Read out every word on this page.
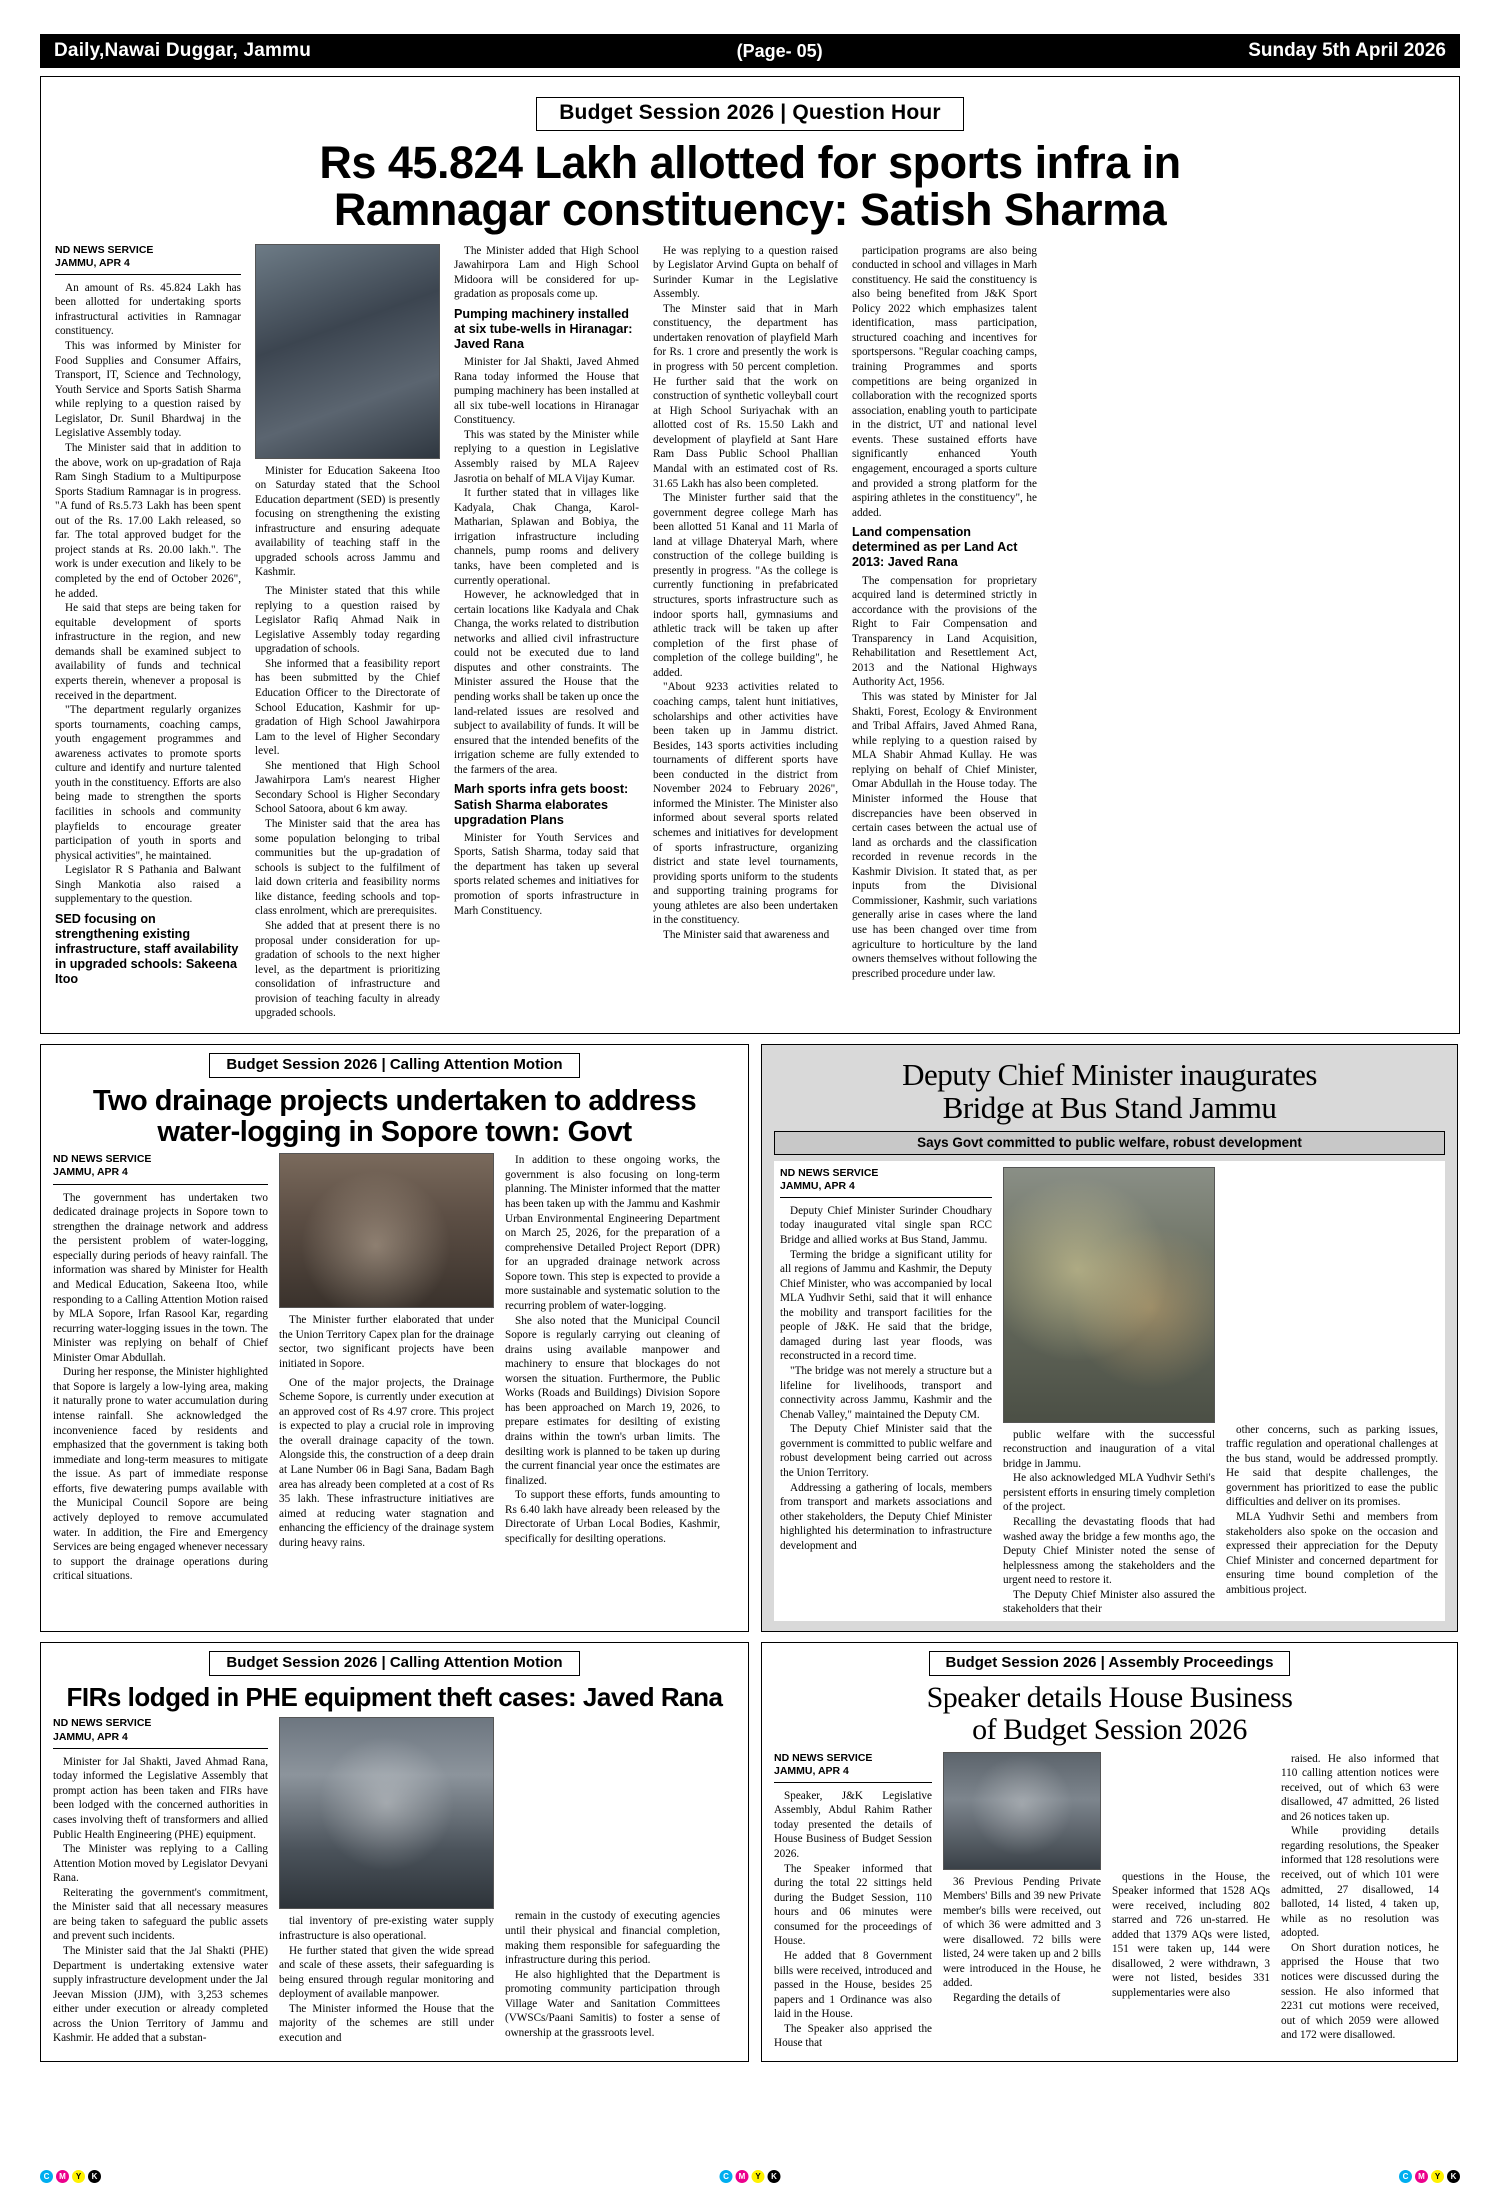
Daily,Nawai Duggar, Jammu	(Page- 05)	Sunday 5th April 2026
Budget Session 2026 | Question Hour
Rs 45.824 Lakh allotted for sports infra in
Ramnagar constituency: Satish Sharma
ND NEWS SERVICE
JAMMU, APR 4

An amount of Rs. 45.824 Lakh has been allotted for undertaking sports infrastructural activities in Ramnagar constituency.

This was informed by Minister for Food Supplies and Consumer Affairs, Transport, IT, Science and Technology, Youth Service and Sports Satish Sharma while replying to a question raised by Legislator, Dr. Sunil Bhardwaj in the Legislative Assembly today.

The Minister said that in addition to the above, work on up-gradation of Raja Ram Singh Stadium to a Multipurpose Sports Stadium Ramnagar is in progress. "A fund of Rs.5.73 Lakh has been spent out of the Rs. 17.00 Lakh released, so far. The total approved budget for the project stands at Rs. 20.00 lakh.". The work is under execution and likely to be completed by the end of October 2026", he added.

He said that steps are being taken for equitable development of sports infrastructure in the region, and new demands shall be examined subject to availability of funds and technical experts therein, whenever a proposal is received in the department.

"The department regularly organizes sports tournaments, coaching camps, youth engagement programmes and awareness activates to promote sports culture and identify and nurture talented youth in the constituency. Efforts are also being made to strengthen the sports facilities in schools and community playfields to encourage greater participation of youth in sports and physical activities", he maintained.

Legislator R S Pathania and Balwant Singh Mankotia also raised a supplementary to the question.

SED focusing on strengthening existing infrastructure, staff availability in upgraded schools: Sakeena Itoo

Minister for Education Sakeena Itoo on Saturday stated that the School Education department (SED) is presently focusing on strengthening the existing infrastructure and ensuring adequate availability of teaching staff in the upgraded schools across Jammu and Kashmir.

The Minister stated that this while replying to a question raised by Legislator Rafiq Ahmad Naik in Legislative Assembly today regarding upgradation of schools.

She informed that a feasibility report has been submitted by the Chief Education Officer to the Directorate of School Education, Kashmir for up-gradation of High School Jawahirpora Lam to the level of Higher Secondary level.

She mentioned that High School Jawahirpora Lam's nearest Higher Secondary School is Higher Secondary School Satoora, about 6 km away.

The Minister said that the area has some population belonging to tribal communities but the up-gradation of schools is subject to the fulfilment of laid down criteria and feasibility norms like distance, feeding schools and top-class enrolment, which are prerequisites.

She added that at present there is no proposal under consideration for up-gradation of schools to the next higher level, as the department is prioritizing consolidation of infrastructure and provision of teaching faculty in already upgraded schools.

The Minister added that High School Jawahirpora Lam and High School Midoora will be considered for up-gradation as proposals come up.

Pumping machinery installed at six tube-wells in Hiranagar: Javed Rana

Minister for Jal Shakti, Javed Ahmed Rana today informed the House that pumping machinery has been installed at all six tube-well locations in Hiranagar Constituency.

This was stated by the Minister while replying to a question in Legislative Assembly raised by MLA Rajeev Jasrotia on behalf of MLA Vijay Kumar.

It further stated that in villages like Kadyala, Chak Changa, Karol- Matharian, Splawan and Bobiya, the irrigation infrastructure including channels, pump rooms and delivery tanks, have been completed and is currently operational.

However, he acknowledged that in certain locations like Kadyala and Chak Changa, the works related to distribution networks and allied civil infrastructure could not be executed due to land disputes and other constraints. The Minister assured the House that the pending works shall be taken up once the land-related issues are resolved and subject to availability of funds. It will be ensured that the intended benefits of the irrigation scheme are fully extended to the farmers of the area.

Marh sports infra gets boost: Satish Sharma elaborates upgradation Plans

Minister for Youth Services and Sports, Satish Sharma, today said that the department has taken up several sports related schemes and initiatives for promotion of sports infrastructure in Marh Constituency.

He was replying to a question raised by Legislator Arvind Gupta on behalf of Surinder Kumar in the Legislative Assembly.

The Minster said that in Marh constituency, the department has undertaken renovation of playfield Marh for Rs. 1 crore and presently the work is in progress with 50 percent completion. He further said that the work on construction of synthetic volleyball court at High School Suriyachak with an allotted cost of Rs. 15.50 Lakh and development of playfield at Sant Hare Ram Dass Public School Phallian Mandal with an estimated cost of Rs. 31.65 Lakh has also been completed.

The Minister further said that the government degree college Marh has been allotted 51 Kanal and 11 Marla of land at village Dhateryal Marh, where construction of the college building is presently in progress. "As the college is currently functioning in prefabricated structures, sports infrastructure such as indoor sports hall, gymnasiums and athletic track will be taken up after completion of the first phase of completion of the college building", he added.

"About 9233 activities related to coaching camps, talent hunt initiatives, scholarships and other activities have been taken up in Jammu district. Besides, 143 sports activities including tournaments of different sports have been conducted in the district from November 2024 to February 2026", informed the Minister. The Minister also informed about several sports related schemes and initiatives for development of sports infrastructure, organizing district and state level tournaments, providing sports uniform to the students and supporting training programs for young athletes are also been undertaken in the constituency.

The Minister said that awareness and

participation programs are also being conducted in school and villages in Marh constituency. He said the constituency is also being benefited from J&K Sport Policy 2022 which emphasizes talent identification, mass participation, structured coaching and incentives for sportspersons. "Regular coaching camps, training Programmes and sports competitions are being organized in collaboration with the recognized sports association, enabling youth to participate in the district, UT and national level events. These sustained efforts have significantly enhanced Youth engagement, encouraged a sports culture and provided a strong platform for the aspiring athletes in the constituency", he added.

Land compensation determined as per Land Act 2013: Javed Rana

The compensation for proprietary acquired land is determined strictly in accordance with the provisions of the Right to Fair Compensation and Transparency in Land Acquisition, Rehabilitation and Resettlement Act, 2013 and the National Highways Authority Act, 1956.

This was stated by Minister for Jal Shakti, Forest, Ecology & Environment and Tribal Affairs, Javed Ahmed Rana, while replying to a question raised by MLA Shabir Ahmad Kullay. He was replying on behalf of Chief Minister, Omar Abdullah in the House today. The Minister informed the House that discrepancies have been observed in certain cases between the actual use of land as orchards and the classification recorded in revenue records in the Kashmir Division. It stated that, as per inputs from the Divisional Commissioner, Kashmir, such variations generally arise in cases where the land use has been changed over time from agriculture to horticulture by the land owners themselves without following the prescribed procedure under law.

Budget Session 2026 | Calling Attention Motion
Two drainage projects undertaken to address
water-logging in Sopore town: Govt
ND NEWS SERVICE
JAMMU, APR 4

The government has undertaken two dedicated drainage projects in Sopore town to strengthen the drainage network and address the persistent problem of water-logging, especially during periods of heavy rainfall. The information was shared by Minister for Health and Medical Education, Sakeena Itoo, while responding to a Calling Attention Motion raised by MLA Sopore, Irfan Rasool Kar, regarding recurring water-logging issues in the town. The Minister was replying on behalf of Chief Minister Omar Abdullah.

During her response, the Minister highlighted that Sopore is largely a low-lying area, making it naturally prone to water accumulation during intense rainfall. She acknowledged the inconvenience faced by residents and emphasized that the government is taking both immediate and long-term measures to mitigate the issue. As part of immediate response efforts, five dewatering pumps available with the Municipal Council Sopore are being actively deployed to remove accumulated water. In addition, the Fire and Emergency Services are being engaged whenever necessary to support the drainage operations during critical situations.

The Minister further elaborated that under the Union Territory Capex plan for the drainage sector, two significant projects have been initiated in Sopore.

One of the major projects, the Drainage Scheme Sopore, is currently under execution at an approved cost of Rs 4.97 crore. This project is expected to play a crucial role in improving the overall drainage capacity of the town. Alongside this, the construction of a deep drain at Lane Number 06 in Bagi Sana, Badam Bagh area has already been completed at a cost of Rs 35 lakh. These infrastructure initiatives are aimed at reducing water stagnation and enhancing the efficiency of the drainage system during heavy rains.

In addition to these ongoing works, the government is also focusing on long-term planning. The Minister informed that the matter has been taken up with the Jammu and Kashmir Urban Environmental Engineering Department on March 25, 2026, for the preparation of a comprehensive Detailed Project Report (DPR) for an upgraded drainage network across Sopore town. This step is expected to provide a more sustainable and systematic solution to the recurring problem of water-logging.

She also noted that the Municipal Council Sopore is regularly carrying out cleaning of drains using available manpower and machinery to ensure that blockages do not worsen the situation. Furthermore, the Public Works (Roads and Buildings) Division Sopore has been approached on March 19, 2026, to prepare estimates for desilting of existing drains within the town's urban limits. The desilting work is planned to be taken up during the current financial year once the estimates are finalized.

To support these efforts, funds amounting to Rs 6.40 lakh have already been released by the Directorate of Urban Local Bodies, Kashmir, specifically for desilting operations.

Deputy Chief Minister inaugurates
Bridge at Bus Stand Jammu
Says Govt committed to public welfare, robust development
ND NEWS SERVICE
JAMMU, APR 4

Deputy Chief Minister Surinder Choudhary today inaugurated vital single span RCC Bridge and allied works at Bus Stand, Jammu.

Terming the bridge a significant utility for all regions of Jammu and Kashmir, the Deputy Chief Minister, who was accompanied by local MLA Yudhvir Sethi, said that it will enhance the mobility and transport facilities for the people of J&K. He said that the bridge, damaged during last year floods, was reconstructed in a record time.

"The bridge was not merely a structure but a lifeline for livelihoods, transport and connectivity across Jammu, Kashmir and the Chenab Valley," maintained the Deputy CM.

The Deputy Chief Minister said that the government is committed to public welfare and robust development being carried out across the Union Territory.

Addressing a gathering of locals, members from transport and markets associations and other stakeholders, the Deputy Chief Minister highlighted his determination to infrastructure development and

public welfare with the successful reconstruction and inauguration of a vital bridge in Jammu.

He also acknowledged MLA Yudhvir Sethi's persistent efforts in ensuring timely completion of the project.

Recalling the devastating floods that had washed away the bridge a few months ago, the Deputy Chief Minister noted the sense of helplessness among the stakeholders and the urgent need to restore it.

The Deputy Chief Minister also assured the stakeholders that their

other concerns, such as parking issues, traffic regulation and operational challenges at the bus stand, would be addressed promptly. He said that despite challenges, the government has prioritized to ease the public difficulties and deliver on its promises.

MLA Yudhvir Sethi and members from stakeholders also spoke on the occasion and expressed their appreciation for the Deputy Chief Minister and concerned department for ensuring time bound completion of the ambitious project.

Budget Session 2026 | Calling Attention Motion
FIRs lodged in PHE equipment theft cases: Javed Rana
ND NEWS SERVICE
JAMMU, APR 4

Minister for Jal Shakti, Javed Ahmad Rana, today informed the Legislative Assembly that prompt action has been taken and FIRs have been lodged with the concerned authorities in cases involving theft of transformers and allied Public Health Engineering (PHE) equipment.

The Minister was replying to a Calling Attention Motion moved by Legislator Devyani Rana.

Reiterating the government's commitment, the Minister said that all necessary measures are being taken to safeguard the public assets and prevent such incidents.

The Minister said that the Jal Shakti (PHE) Department is undertaking extensive water supply infrastructure development under the Jal Jeevan Mission (JJM), with 3,253 schemes either under execution or already completed across the Union Territory of Jammu and Kashmir. He added that a substan-

tial inventory of pre-existing water supply infrastructure is also operational.

He further stated that given the wide spread and scale of these assets, their safeguarding is being ensured through regular monitoring and deployment of available manpower.

The Minister informed the House that the majority of the schemes are still under execution and

remain in the custody of executing agencies until their physical and financial completion, making them responsible for safeguarding the infrastructure during this period.

He also highlighted that the Department is promoting community participation through Village Water and Sanitation Committees (VWSCs/Paani Samitis) to foster a sense of ownership at the grassroots level.

Budget Session 2026 | Assembly Proceedings
Speaker details House Business
of Budget Session 2026
ND NEWS SERVICE
JAMMU, APR 4

Speaker, J&K Legislative Assembly, Abdul Rahim Rather today presented the details of House Business of Budget Session 2026.

The Speaker informed that during the total 22 sittings held during the Budget Session, 110 hours and 06 minutes were consumed for the proceedings of House.

He added that 8 Government bills were received, introduced and passed in the House, besides 25 papers and 1 Ordinance was also laid in the House.

The Speaker also apprised the House that

36 Previous Pending Private Members' Bills and 39 new Private member's bills were received, out of which 36 were admitted and 3 were disallowed. 72 bills were listed, 24 were taken up and 2 bills were introduced in the House, he added.

Regarding the details of

questions in the House, the Speaker informed that 1528 AQs were received, including 802 starred and 726 un-starred. He added that 1379 AQs were listed, 151 were taken up, 144 were disallowed, 2 were withdrawn, 3 were not listed, besides 331 supplementaries were also

raised. He also informed that 110 calling attention notices were received, out of which 63 were disallowed, 47 admitted, 26 listed and 26 notices taken up.

While providing details regarding resolutions, the Speaker informed that 128 resolutions were received, out of which 101 were admitted, 27 disallowed, 14 balloted, 14 listed, 4 taken up, while as no resolution was adopted.

On Short duration notices, he apprised the House that two notices were discussed during the session. He also informed that 2231 cut motions were received, out of which 2059 were allowed and 172 were disallowed.

C	M	Y	K	C	M	Y	K	C	M	Y	K
